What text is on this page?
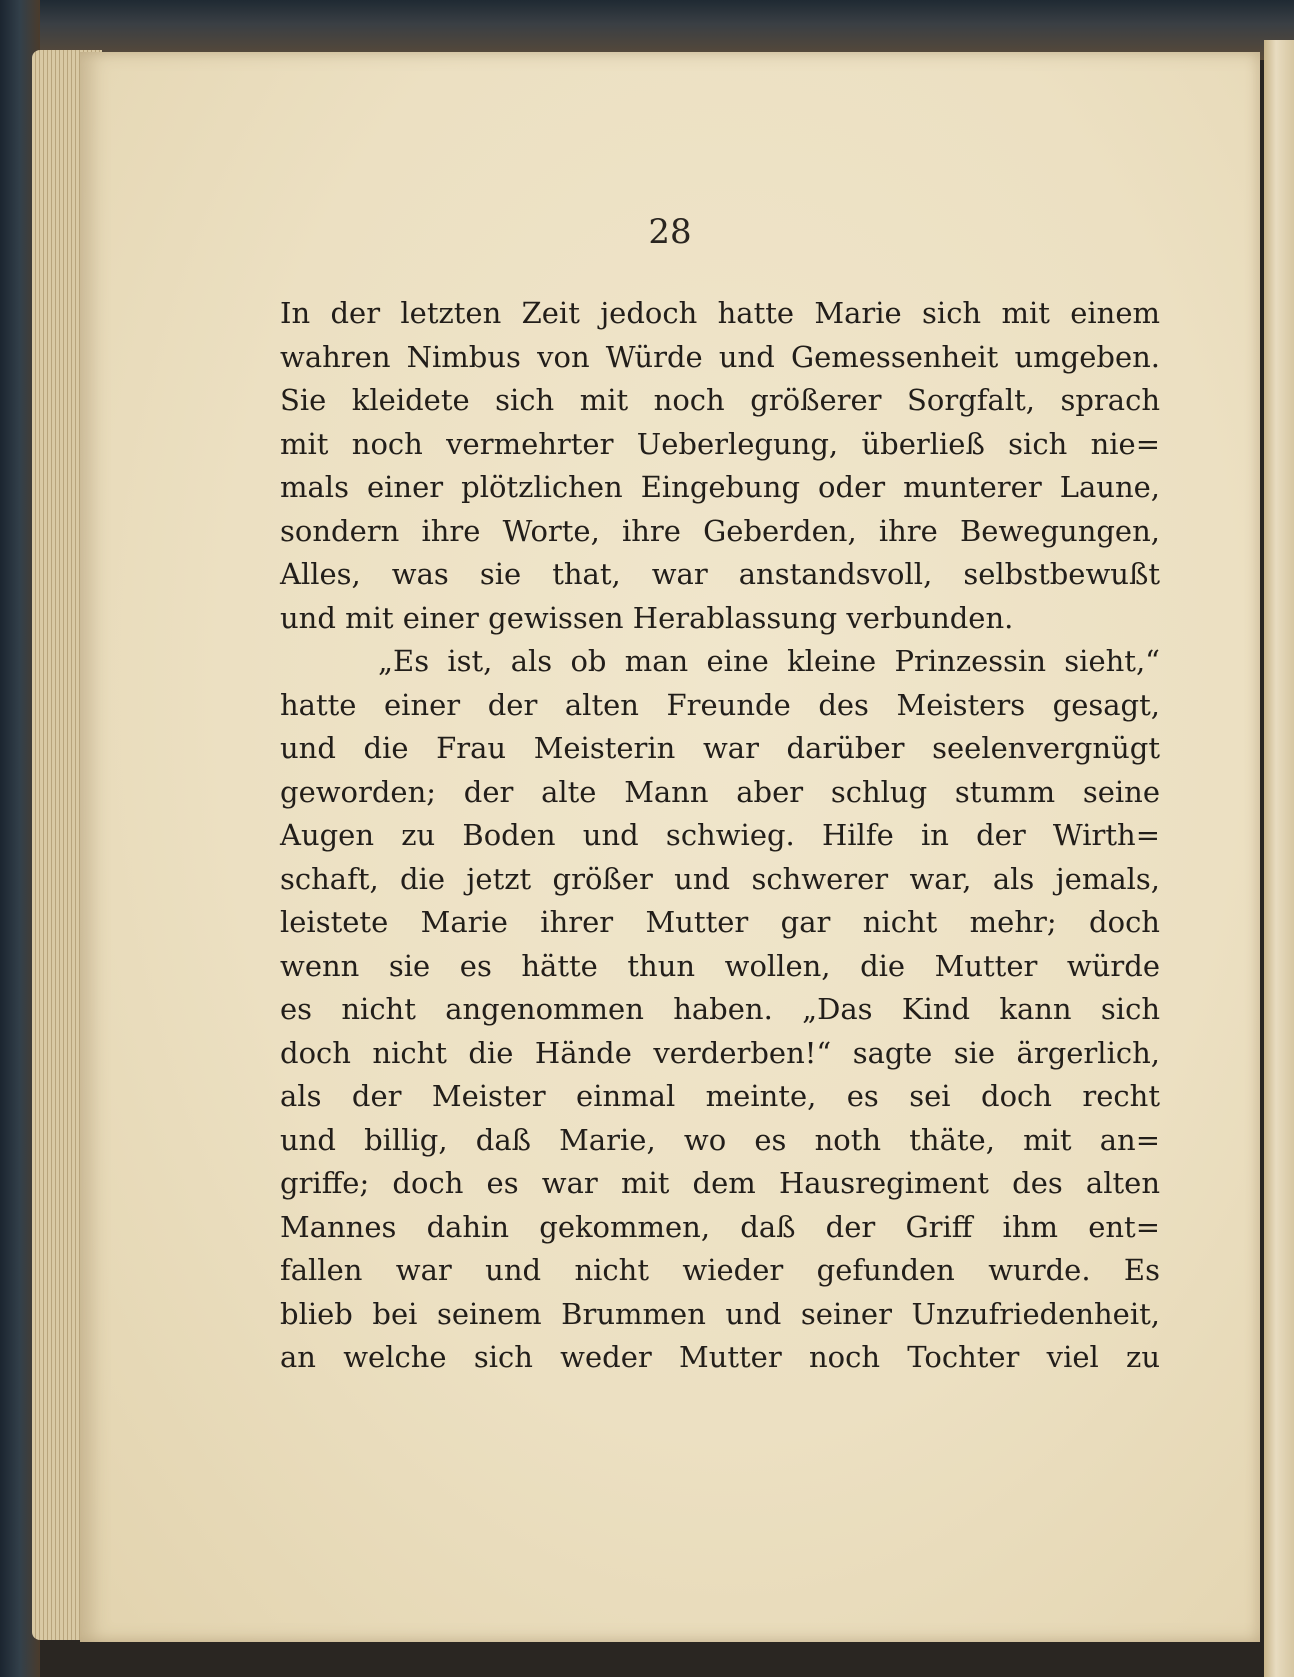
28
In der letzten Zeit jedoch hatte Marie sich mit einem
wahren Nimbus von Würde und Gemessenheit umgeben.
Sie kleidete sich mit noch größerer Sorgfalt, sprach
mit noch vermehrter Ueberlegung, überließ sich nie=
mals einer plötzlichen Eingebung oder munterer Laune,
sondern ihre Worte, ihre Geberden, ihre Bewegungen,
Alles, was sie that, war anstandsvoll, selbstbewußt
und mit einer gewissen Herablassung verbunden.
„Es ist, als ob man eine kleine Prinzessin sieht,“
hatte einer der alten Freunde des Meisters gesagt,
und die Frau Meisterin war darüber seelenvergnügt
geworden; der alte Mann aber schlug stumm seine
Augen zu Boden und schwieg. Hilfe in der Wirth=
schaft, die jetzt größer und schwerer war, als jemals,
leistete Marie ihrer Mutter gar nicht mehr; doch
wenn sie es hätte thun wollen, die Mutter würde
es nicht angenommen haben. „Das Kind kann sich
doch nicht die Hände verderben!“ sagte sie ärgerlich,
als der Meister einmal meinte, es sei doch recht
und billig, daß Marie, wo es noth thäte, mit an=
griffe; doch es war mit dem Hausregiment des alten
Mannes dahin gekommen, daß der Griff ihm ent=
fallen war und nicht wieder gefunden wurde. Es
blieb bei seinem Brummen und seiner Unzufriedenheit,
an welche sich weder Mutter noch Tochter viel zu
